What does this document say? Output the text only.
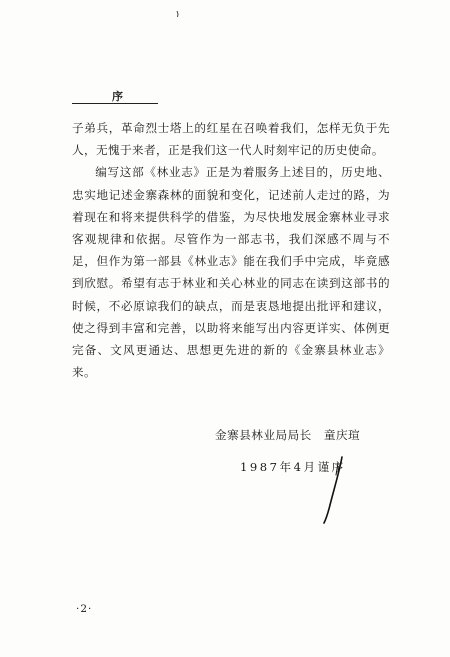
序

子弟兵，革命烈士塔上的红星在召唤着我们，怎样无负于先人，无愧于来者，正是我们这一代人时刻牢记的历史使命。

编写这部《林业志》正是为着服务上述目的，历史地、忠实地记述金寨森林的面貌和变化，记述前人走过的路，为着现在和将来提供科学的借鉴，为尽快地发展金寨林业寻求客观规律和依据。尽管作为一部志书，我们深感不周与不足，但作为第一部县《林业志》能在我们手中完成，毕竟感到欣慰。希望有志于林业和关心林业的同志在读到这部书的时候，不必原谅我们的缺点，而是衷恳地提出批评和建议，使之得到丰富和完善，以助将来能写出内容更详实、体例更完备、文风更通达、思想更先进的新的《金寨县林业志》来。

金寨县林业局局长　童庆瑄
1987年4月谨序
·2·
